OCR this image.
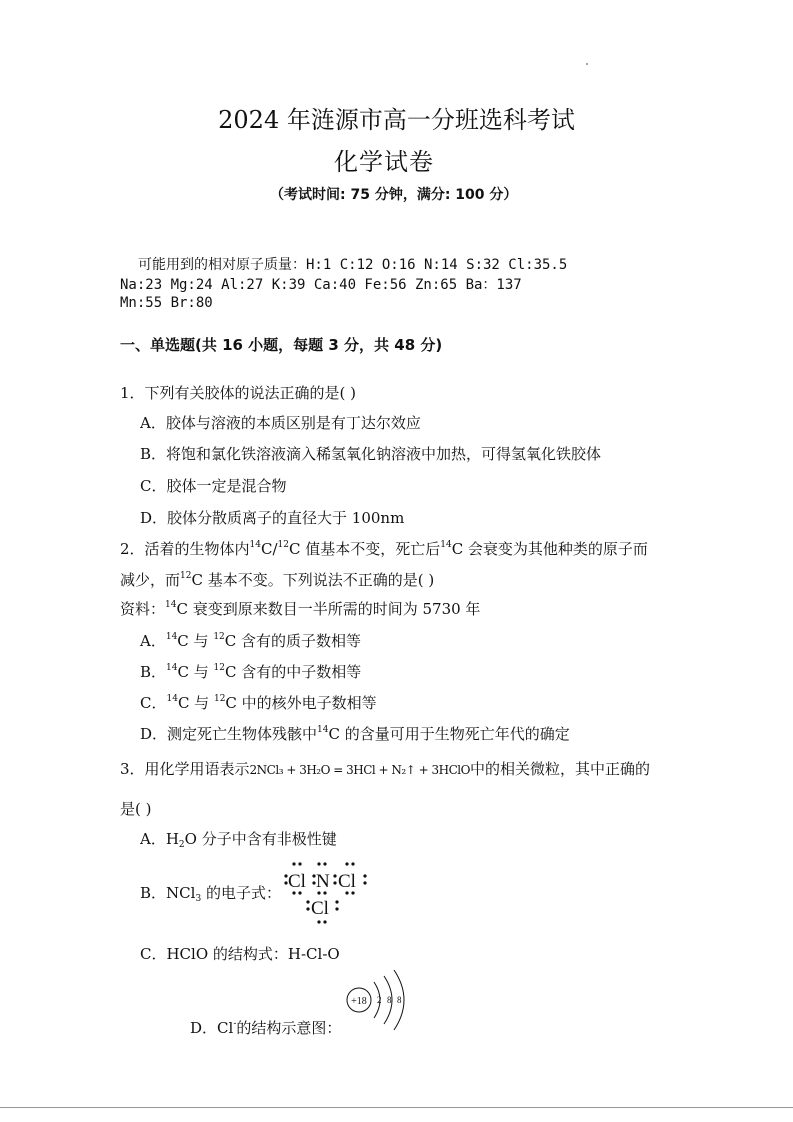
2024 年涟源市高一分班选科考试
化学试卷
（考试时间: 75 分钟，满分: 100 分）
可能用到的相对原子质量：H:1 C:12 O:16 N:14 S:32 Cl:35.5
Na:23 Mg:24 Al:27 K:39 Ca:40 Fe:56 Zn:65 Ba：137
Mn:55 Br:80
一、单选题(共 16 小题，每题 3 分，共 48 分)
1．下列有关胶体的说法正确的是( )
A．胶体与溶液的本质区别是有丁达尔效应
B．将饱和氯化铁溶液滴入稀氢氧化钠溶液中加热，可得氢氧化铁胶体
C．胶体一定是混合物
D．胶体分散质离子的直径大于 100nm
2．活着的生物体内$^{14}$C/$^{12}$C 值基本不变，死亡后$^{14}$C 会衰变为其他种类的原子而
减少，而$^{12}$C 基本不变。下列说法不正确的是( )
资料：$^{14}$C 衰变到原来数目一半所需的时间为 5730 年
A．$^{14}$C 与 $^{12}$C 含有的质子数相等
B．$^{14}$C 与 $^{12}$C 含有的中子数相等
C．$^{14}$C 与 $^{12}$C 中的核外电子数相等
D．测定死亡生物体残骸中$^{14}$C 的含量可用于生物死亡年代的确定
3．用化学用语表示2NCl₃ + 3H₂O = 3HCl + N₂↑ + 3HClO中的相关微粒，其中正确的
是( )
A．$H_2O$ 分子中含有非极性键
B．NCl$_3$ 的电子式：
Cl N Cl
Cl
C．HClO 的结构式：H-Cl-O
D．Cl-的结构示意图：
+18 2 8 8
